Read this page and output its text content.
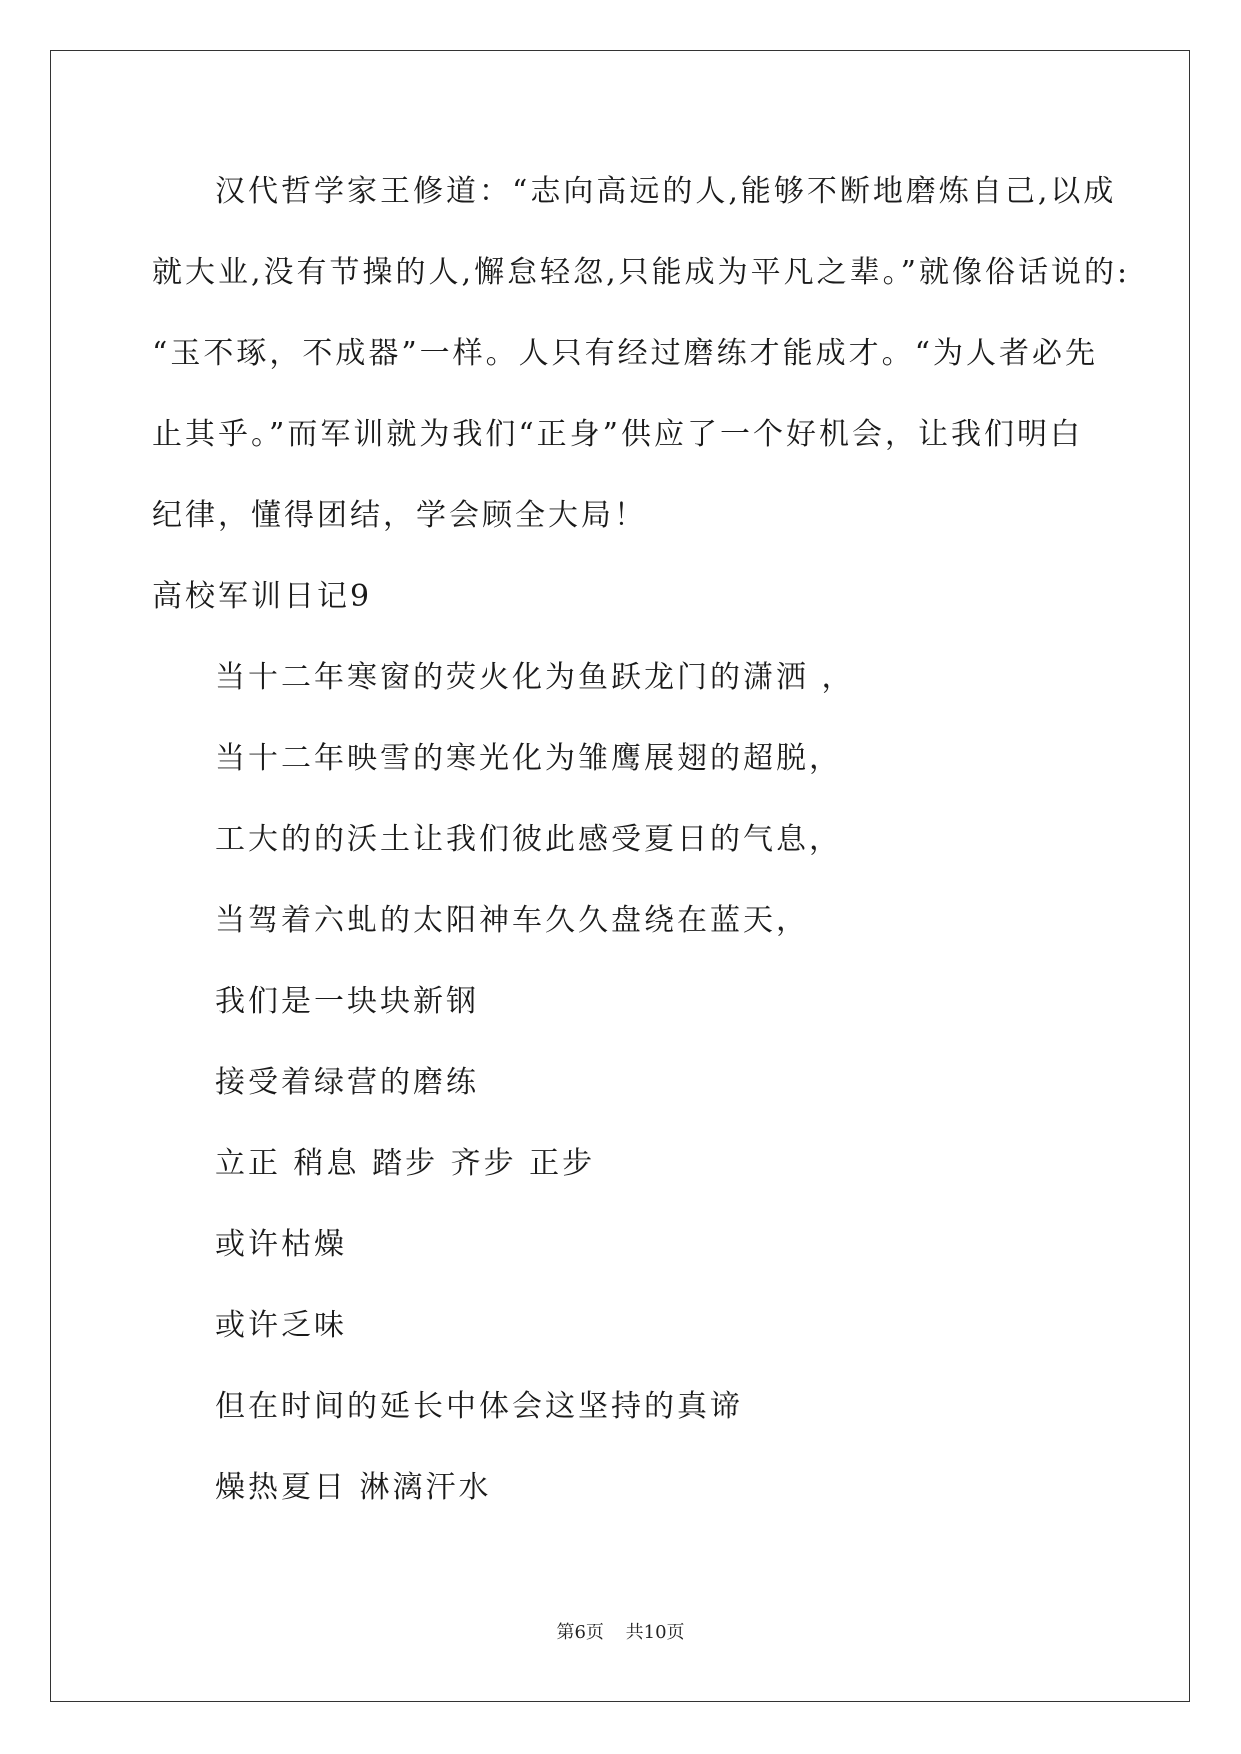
汉代哲学家王修道：“志向高远的人,能够不断地磨炼自己,以成
就大业,没有节操的人,懈怠轻忽,只能成为平凡之辈。”就像俗话说的:
“玉不琢，不成器”一样。人只有经过磨练才能成才。“为人者必先
止其乎。”而军训就为我们“正身”供应了一个好机会，让我们明白
纪律，懂得团结，学会顾全大局！
高校军训日记9
当十二年寒窗的荧火化为鱼跃龙门的潇洒 ，
当十二年映雪的寒光化为雏鹰展翅的超脱，
工大的的沃土让我们彼此感受夏日的气息，
当驾着六虬的太阳神车久久盘绕在蓝天，
我们是一块块新钢
接受着绿营的磨练
立正 稍息 踏步 齐步 正步
或许枯燥
或许乏味
但在时间的延长中体会这坚持的真谛
燥热夏日 淋漓汗水
第6页 共10页
